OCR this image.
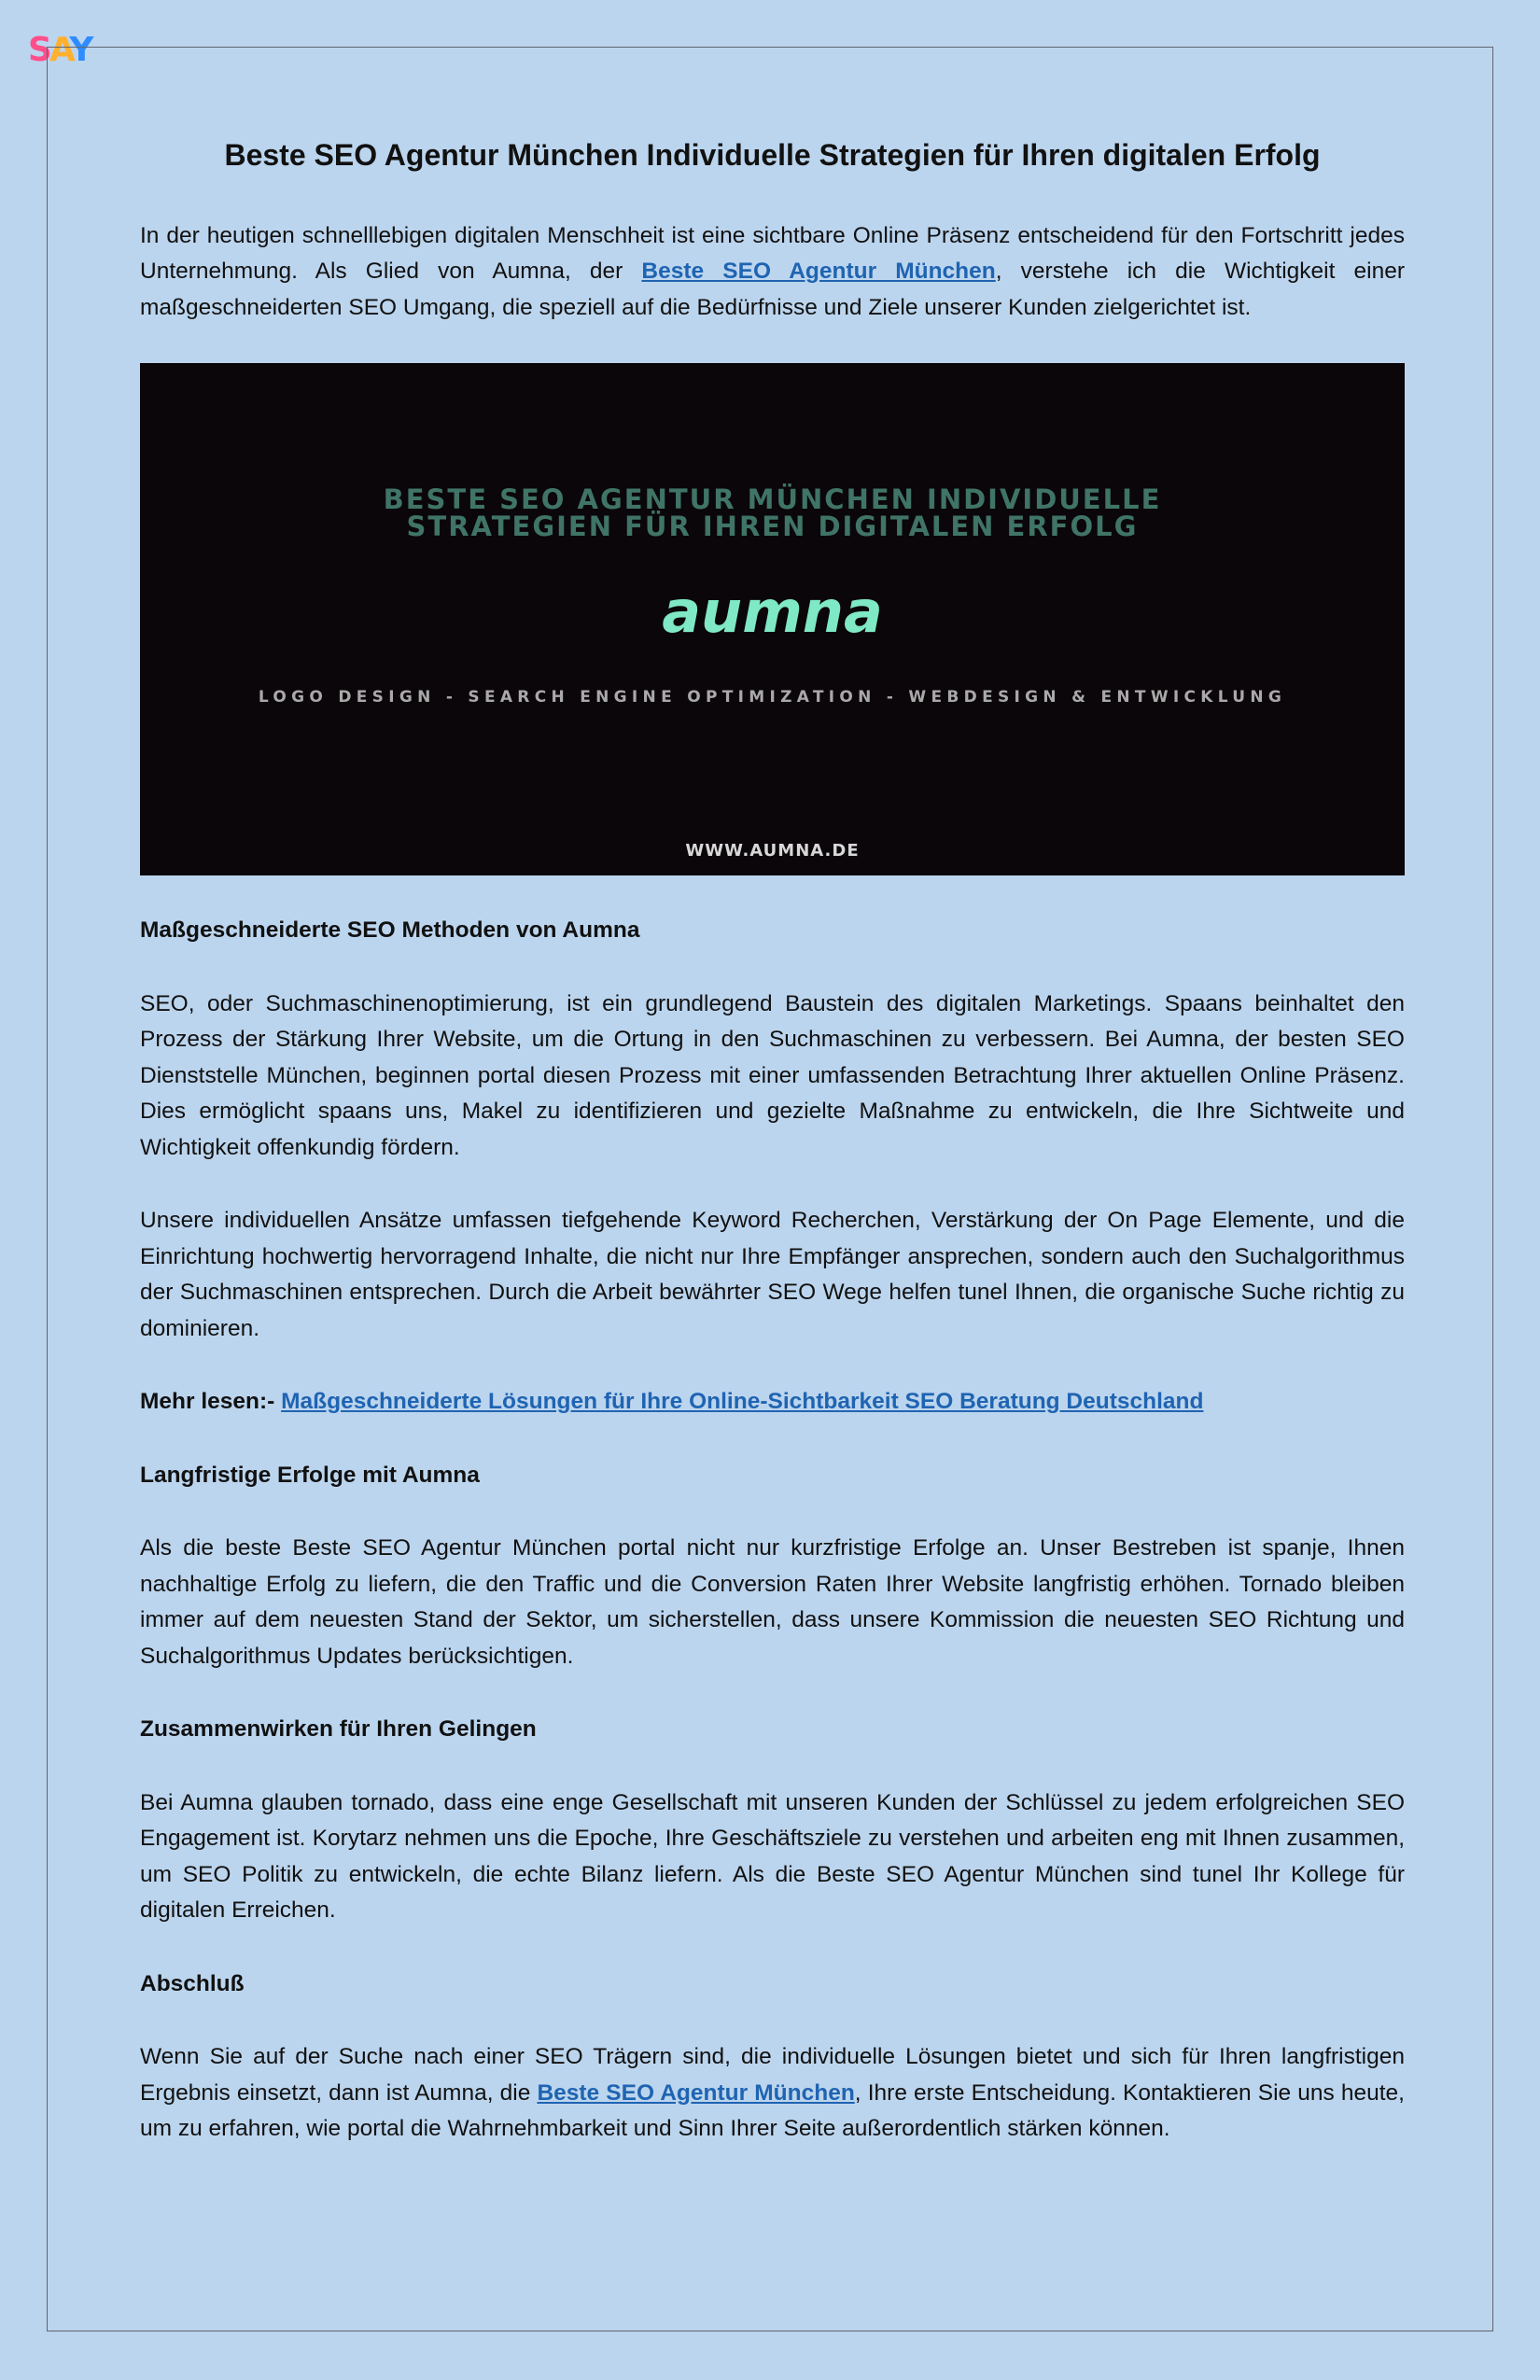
SAY
Beste SEO Agentur München Individuelle Strategien für Ihren digitalen Erfolg

In der heutigen schnelllebigen digitalen Menschheit ist eine sichtbare Online Präsenz entscheidend für den Fortschritt jedes Unternehmung. Als Glied von Aumna, der Beste SEO Agentur München, verstehe ich die Wichtigkeit einer maßgeschneiderten SEO Umgang, die speziell auf die Bedürfnisse und Ziele unserer Kunden zielgerichtet ist.

BESTE SEO AGENTUR MÜNCHEN INDIVIDUELLE
STRATEGIEN FÜR IHREN DIGITALEN ERFOLG
aumna
LOGO DESIGN - SEARCH ENGINE OPTIMIZATION - WEBDESIGN & ENTWICKLUNG
WWW.AUMNA.DE
Maßgeschneiderte SEO Methoden von Aumna

SEO, oder Suchmaschinenoptimierung, ist ein grundlegend Baustein des digitalen Marketings. Spaans beinhaltet den Prozess der Stärkung Ihrer Website, um die Ortung in den Suchmaschinen zu verbessern. Bei Aumna, der besten SEO Dienststelle München, beginnen portal diesen Prozess mit einer umfassenden Betrachtung Ihrer aktuellen Online Präsenz. Dies ermöglicht spaans uns, Makel zu identifizieren und gezielte Maßnahme zu entwickeln, die Ihre Sichtweite und Wichtigkeit offenkundig fördern.

Unsere individuellen Ansätze umfassen tiefgehende Keyword Recherchen, Verstärkung der On Page Elemente, und die Einrichtung hochwertig hervorragend Inhalte, die nicht nur Ihre Empfänger ansprechen, sondern auch den Suchalgorithmus der Suchmaschinen entsprechen. Durch die Arbeit bewährter SEO Wege helfen tunel Ihnen, die organische Suche richtig zu dominieren.

Mehr lesen:- Maßgeschneiderte Lösungen für Ihre Online-Sichtbarkeit SEO Beratung Deutschland
Langfristige Erfolge mit Aumna

Als die beste Beste SEO Agentur München portal nicht nur kurzfristige Erfolge an. Unser Bestreben ist spanje, Ihnen nachhaltige Erfolg zu liefern, die den Traffic und die Conversion Raten Ihrer Website langfristig erhöhen. Tornado bleiben immer auf dem neuesten Stand der Sektor, um sicherstellen, dass unsere Kommission die neuesten SEO Richtung und Suchalgorithmus Updates berücksichtigen.

Zusammenwirken für Ihren Gelingen

Bei Aumna glauben tornado, dass eine enge Gesellschaft mit unseren Kunden der Schlüssel zu jedem erfolgreichen SEO Engagement ist. Korytarz nehmen uns die Epoche, Ihre Geschäftsziele zu verstehen und arbeiten eng mit Ihnen zusammen, um SEO Politik zu entwickeln, die echte Bilanz liefern. Als die Beste SEO Agentur München sind tunel Ihr Kollege für digitalen Erreichen.

Abschluß

Wenn Sie auf der Suche nach einer SEO Trägern sind, die individuelle Lösungen bietet und sich für Ihren langfristigen Ergebnis einsetzt, dann ist Aumna, die Beste SEO Agentur München, Ihre erste Entscheidung. Kontaktieren Sie uns heute, um zu erfahren, wie portal die Wahrnehmbarkeit und Sinn Ihrer Seite außerordentlich stärken können.
